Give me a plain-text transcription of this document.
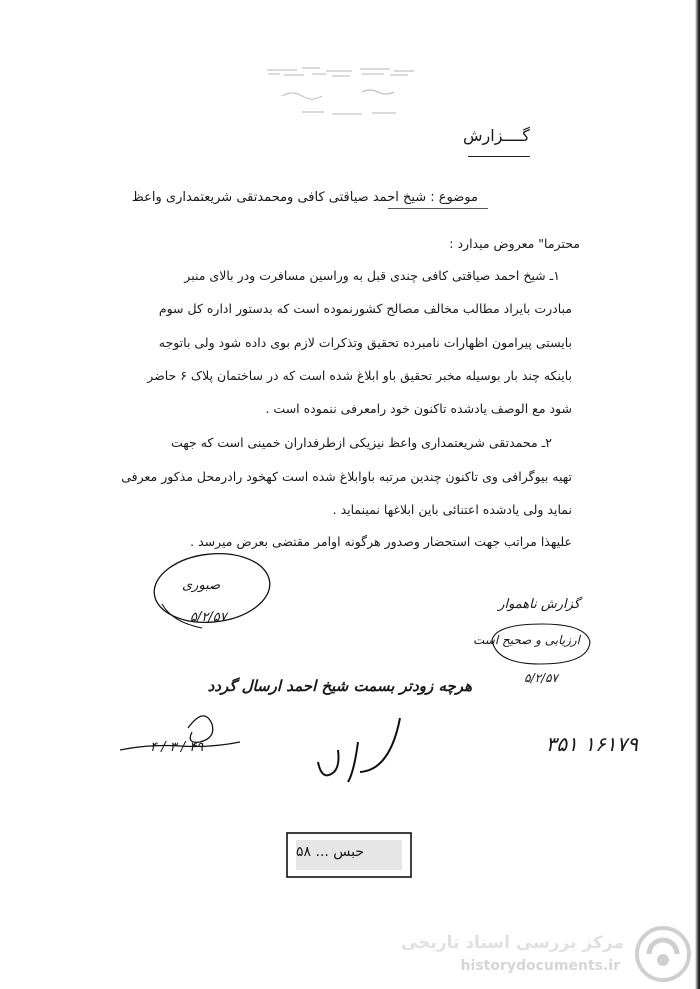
گــــزارش
موضوع : شیخ احمد صیاقتی کافی ومحمدتقی شریعتمداری واعظ
محترما" معروض میدارد :
۱ـ شیخ احمد صیاقتی کافی چندی قبل به وراسین مسافرت ودر بالای منبر
مبادرت بایراد مطالب مخالف مصالح کشورنموده است که بدستور اداره کل سوم
بایستی پیرامون اظهارات نامبرده تحقیق وتذکرات لازم بوی داده شود ولی باتوجه
باینکه چند بار بوسیله مخبر تحقیق باو ابلاغ شده است که در ساختمان پلاک ۶ حاضر
شود مع الوصف یادشده تاکنون خود رامعرفی ننموده است .
۲ـ محمدتقی شریعتمداری واعظ نیزیکی ازطرفداران خمینی است که جهت
تهیه بیوگرافی وی تاکنون چندین مرتبه باوابلاغ شده است کهخود رادرمحل مذکور معرفی
نماید ولی یادشده اعتنائی باین ابلاغها نمینماید .
علیهذا مراتب جهت استحضار وصدور هرگونه اوامر مقتضی بعرض میرسد .
صبوری
۵/۲/۵۷
گزارش ناهموار
ارزیابی و صحیح است
۵/۲/۵۷
هرچه زودتر بسمت شیخ احمد ارسال گردد
۴۹ / ۳ / ۴	۱۶۱۷۹ ۳۵۱
حبس ... ۵۸
مرکز بررسی اسناد تاریخی
historydocuments.ir
